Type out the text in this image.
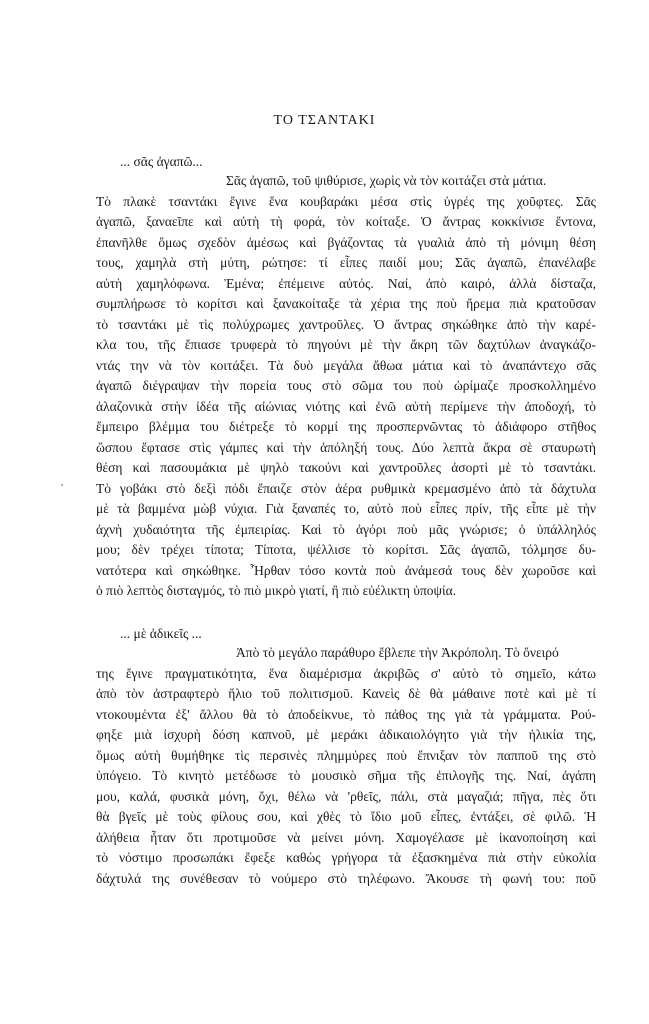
ΤΟ ΤΣΑΝΤΑΚΙ

... σᾶς ἀγαπῶ...

Σᾶς ἀγαπῶ, τοῦ ψιθύρισε, χωρὶς νὰ τὸν κοιτάζει στὰ μάτια.
Τὸ πλακὲ τσαντάκι ἔγινε ἕνα κουβαράκι μέσα στὶς ὑγρές της χοῦφτες. Σᾶς
ἀγαπῶ, ξαναεῖπε καὶ αὐτὴ τὴ φορά, τὸν κοίταξε. Ὁ ἄντρας κοκκίνισε ἔντονα,
ἐπανῆλθε ὅμως σχεδὸν ἀμέσως καὶ βγάζοντας τὰ γυαλιὰ ἀπὸ τὴ μόνιμη θέση
τους, χαμηλὰ στὴ μύτη, ρώτησε: τί εἶπες παιδί μου; Σᾶς ἀγαπῶ, ἐπανέλαβε
αὐτὴ χαμηλόφωνα. Ἐμένα; ἐπέμεινε αὐτός. Ναί, ἀπὸ καιρό, ἀλλὰ δίσταζα,
συμπλήρωσε τὸ κορίτσι καὶ ξανακοίταξε τὰ χέρια της ποὺ ἤρεμα πιὰ κρατοῦσαν
τὸ τσαντάκι μὲ τὶς πολύχρωμες χαντροῦλες. Ὁ ἄντρας σηκώθηκε ἀπὸ τὴν καρέ-
κλα του, τῆς ἔπιασε τρυφερὰ τὸ πηγούνι μὲ τὴν ἄκρη τῶν δαχτύλων ἀναγκάζο-
ντάς την νὰ τὸν κοιτάξει. Τὰ δυὸ μεγάλα ἄθωα μάτια καὶ τὸ ἀναπάντεχο σᾶς
ἀγαπῶ διέγραψαν τὴν πορεία τους στὸ σῶμα του ποὺ ὡρίμαζε προσκολλημένο
ἀλαζονικὰ στὴν ἰδέα τῆς αἰώνιας νιότης καὶ ἐνῶ αὐτὴ περίμενε τὴν ἀποδοχή, τὸ
ἔμπειρο βλέμμα του διέτρεξε τὸ κορμί της προσπερνῶντας τὸ ἀδιάφορο στῆθος
ὥσπου ἔφτασε στὶς γάμπες καὶ τὴν ἀπόληξή τους. Δύο λεπτὰ ἄκρα σὲ σταυρωτὴ
θέση καὶ πασουμάκια μὲ ψηλὸ τακούνι καὶ χαντροῦλες ἀσορτὶ μὲ τὸ τσαντάκι.
Τὸ γοβάκι στὸ δεξὶ πόδι ἔπαιζε στὸν ἀέρα ρυθμικὰ κρεμασμένο ἀπὸ τὰ δάχτυλα
μὲ τὰ βαμμένα μὼβ νύχια. Γιὰ ξαναπές το, αὐτὸ ποὺ εἶπες πρίν, τῆς εἶπε μὲ τὴν
ἀχνὴ χυδαιότητα τῆς ἐμπειρίας. Καὶ τὸ ἀγόρι ποὺ μᾶς γνώρισε; ὁ ὑπάλληλός
μου; δὲν τρέχει τίποτα; Τίποτα, ψέλλισε τὸ κορίτσι. Σᾶς ἀγαπῶ, τόλμησε δυ-
νατότερα καὶ σηκώθηκε. Ἦρθαν τόσο κοντὰ ποὺ ἀνάμεσά τους δὲν χωροῦσε καὶ
ὁ πιὸ λεπτὸς δισταγμός, τὸ πιὸ μικρὸ γιατί, ἢ πιὸ εὐέλικτη ὑποψία.

... μὲ ἀδικεῖς ...

Ἀπὸ τὸ μεγάλο παράθυρο ἔβλεπε τὴν Ἀκρόπολη. Τὸ ὄνειρό
της ἔγινε πραγματικότητα, ἕνα διαμέρισμα ἀκριβῶς σ' αὐτὸ τὸ σημεῖο, κάτω
ἀπὸ τὸν ἀστραφτερὸ ἥλιο τοῦ πολιτισμοῦ. Κανεὶς δὲ θὰ μάθαινε ποτὲ καὶ μὲ τί
ντοκουμέντα ἐξ' ἄλλου θὰ τὸ ἀποδείκνυε, τὸ πάθος της γιὰ τὰ γράμματα. Ρού-
φηξε μιὰ ἰσχυρὴ δόση καπνοῦ, μὲ μεράκι ἀδικαιολόγητο γιὰ τὴν ἡλικία της,
ὅμως αὐτὴ θυμήθηκε τὶς περσινὲς πλημμύρες ποὺ ἔπνιξαν τὸν παπποῦ της στὸ
ὑπόγειο. Τὸ κινητὸ μετέδωσε τὸ μουσικὸ σῆμα τῆς ἐπιλογῆς της. Ναί, ἀγάπη
μου, καλά, φυσικὰ μόνη, ὄχι, θέλω νὰ 'ρθεῖς, πάλι, στὰ μαγαζιά; πῆγα, πὲς ὅτι
θὰ βγεῖς μὲ τοὺς φίλους σου, καὶ χθὲς τὸ ἴδιο μοῦ εἶπες, ἐντάξει, σὲ φιλῶ. Ἡ
ἀλήθεια ἦταν ὅτι προτιμοῦσε νὰ μείνει μόνη. Χαμογέλασε μὲ ἱκανοποίηση καὶ
τὸ νόστιμο προσωπάκι ἔφεξε καθὼς γρήγορα τὰ ἐξασκημένα πιὰ στὴν εὐκολία
δάχτυλά της συνέθεσαν τὸ νούμερο στὸ τηλέφωνο. Ἄκουσε τὴ φωνή του: ποῦ
